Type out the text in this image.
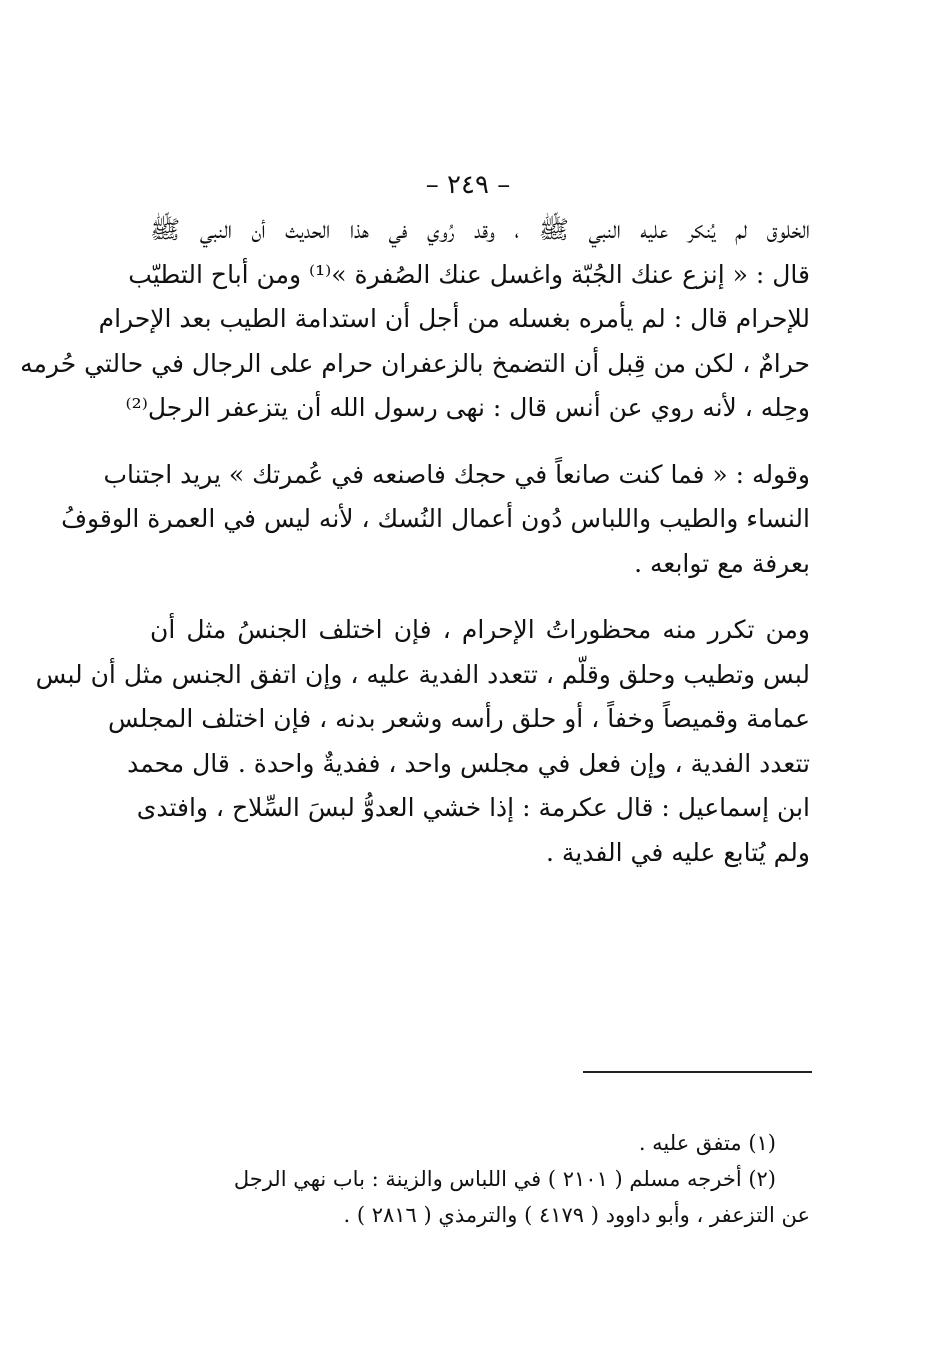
– ٢٤٩ –
الخلوق لم يُنكر عليه النبي ﷺ ، وقد رُوي في هذا الحديث أن النبي ﷺ
قال : « إنزع عنك الجُبّة واغسل عنك الصُفرة »⁽¹⁾ ومن أباح التطيّب
للإحرام قال : لم يأمره بغسله من أجل أن استدامة الطيب بعد الإحرام
حرامٌ ، لكن من قِبل أن التضمخ بالزعفران حرام على الرجال في حالتي حُرمه
وحِله ، لأنه روي عن أنس قال : نهى رسول الله أن يتزعفر الرجل⁽²⁾
وقوله : « فما كنت صانعاً في حجك فاصنعه في عُمرتك » يريد اجتناب
النساء والطيب واللباس دُون أعمال النُسك ، لأنه ليس في العمرة الوقوفُ
بعرفة مع توابعه .
ومن تكرر منه محظوراتُ الإحرام ، فإن اختلف الجنسُ مثل أن
لبس وتطيب وحلق وقلّم ، تتعدد الفدية عليه ، وإن اتفق الجنس مثل أن لبس
عمامة وقميصاً وخفاً ، أو حلق رأسه وشعر بدنه ، فإن اختلف المجلس
تتعدد الفدية ، وإن فعل في مجلس واحد ، ففديةٌ واحدة . قال محمد
ابن إسماعيل : قال عكرمة : إذا خشي العدوُّ لبسَ السِّلاح ، وافتدى
ولم يُتابع عليه في الفدية .
(١) متفق عليه .
(٢) أخرجه مسلم ( ٢١٠١ ) في اللباس والزينة : باب نهي الرجل
عن التزعفر ، وأبو داوود ( ٤١٧٩ ) والترمذي ( ٢٨١٦ ) .
